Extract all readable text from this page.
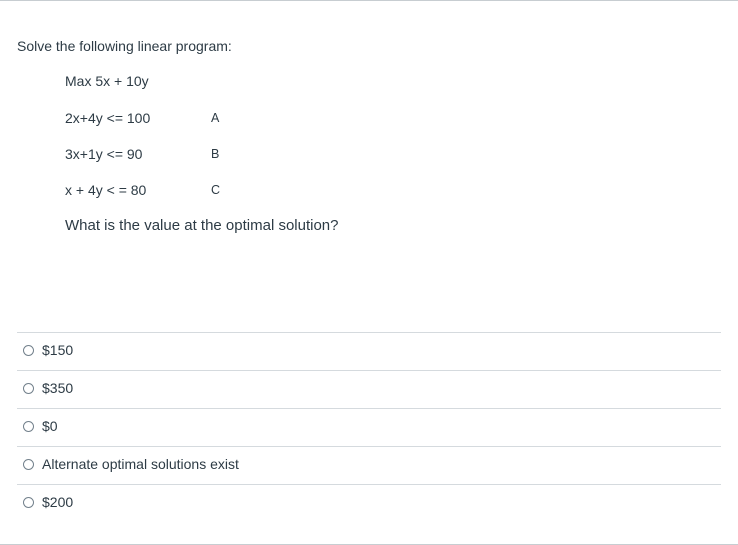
Solve the following linear program:
Max 5x + 10y
2x+4y <= 100	A
3x+1y <= 90	B
x + 4y < = 80	C
What is the value at the optimal solution?
$150
$350
$0
Alternate optimal solutions exist
$200
